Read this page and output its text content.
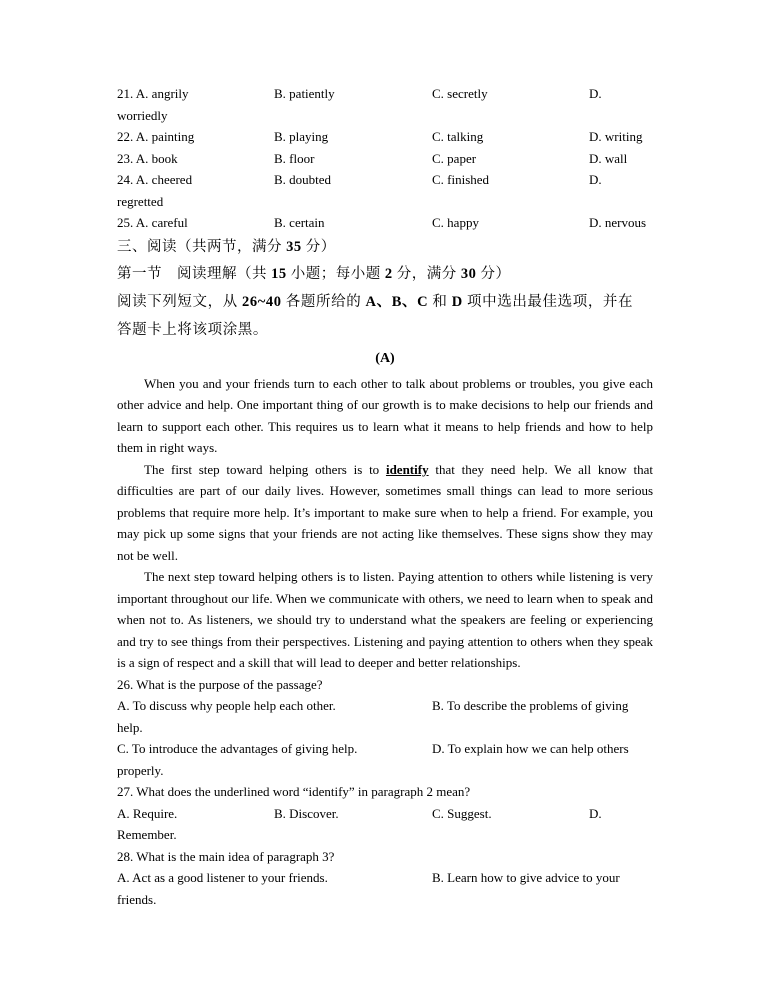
21. A. angrily	B. patiently	C. secretly	D.
worriedly
22. A. painting	B. playing	C. talking	D. writing
23. A. book	B. floor	C. paper	D. wall
24. A. cheered	B. doubted	C. finished	D.
regretted
25. A. careful	B. certain	C. happy	D. nervous
三、阅读（共两节，满分 35 分）
第一节　阅读理解（共 15 小题；每小题 2 分，满分 30 分）
阅读下列短文，从 26~40 各题所给的 A、B、C 和 D 项中选出最佳选项，并在
答题卡上将该项涂黑。
(A)
When you and your friends turn to each other to talk about problems or troubles, you give each other advice and help. One important thing of our growth is to make decisions to help our friends and learn to support each other. This requires us to learn what it means to help friends and how to help them in right ways.
The first step toward helping others is to identify that they need help. We all know that difficulties are part of our daily lives. However, sometimes small things can lead to more serious problems that require more help. It’s important to make sure when to help a friend. For example, you may pick up some signs that your friends are not acting like themselves. These signs show they may not be well.
The next step toward helping others is to listen. Paying attention to others while listening is very important throughout our life. When we communicate with others, we need to learn when to speak and when not to. As listeners, we should try to understand what the speakers are feeling or experiencing and try to see things from their perspectives. Listening and paying attention to others when they speak is a sign of respect and a skill that will lead to deeper and better relationships.
26. What is the purpose of the passage?
A. To discuss why people help each other.	B. To describe the problems of giving
help.
C. To introduce the advantages of giving help.	D. To explain how we can help others
properly.
27. What does the underlined word “identify” in paragraph 2 mean?
A. Require.	B. Discover.	C. Suggest.	D.
Remember.
28. What is the main idea of paragraph 3?
A. Act as a good listener to your friends.	B. Learn how to give advice to your
friends.
